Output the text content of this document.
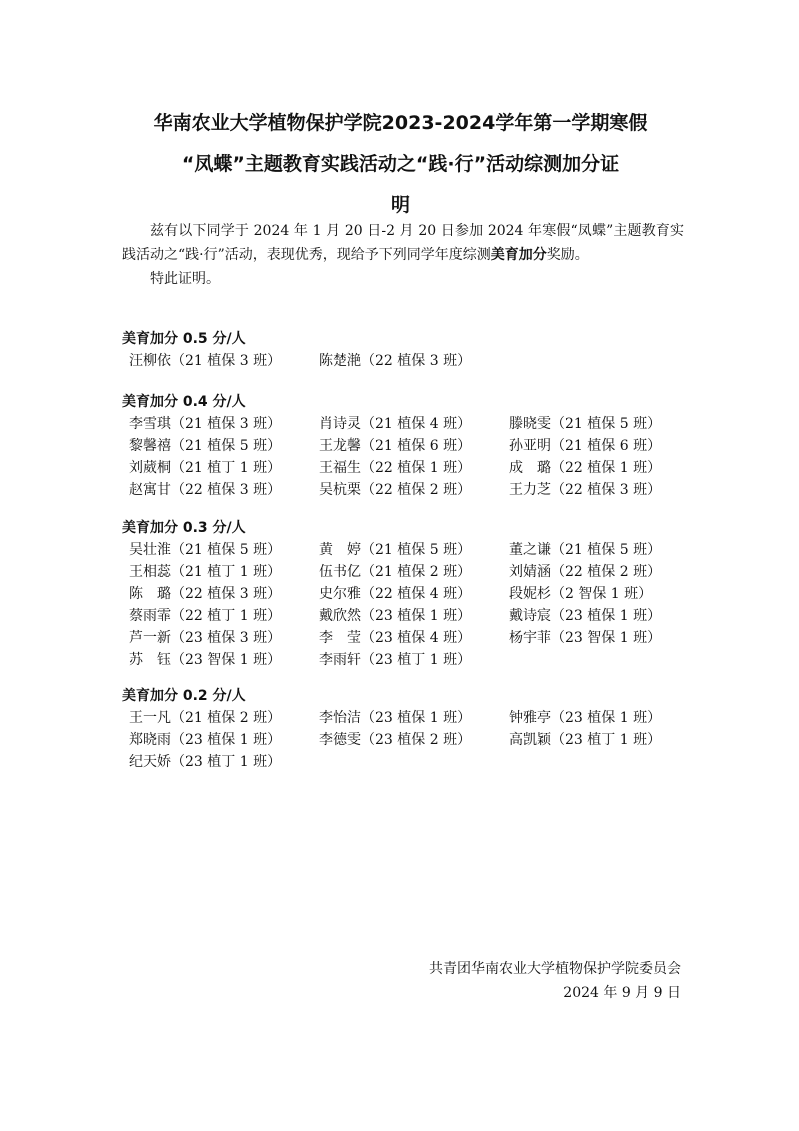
华南农业大学植物保护学院2023-2024学年第一学期寒假
“凤蝶”主题教育实践活动之“践·行”活动综测加分证
明

兹有以下同学于 2024 年 1 月 20 日-2 月 20 日参加 2024 年寒假“凤蝶”主题教育实践活动之“践·行”活动，表现优秀，现给予下列同学年度综测美育加分奖励。

特此证明。

美育加分 0.5 分/人
汪柳依（21 植保 3 班）	陈楚滟（22 植保 3 班）
美育加分 0.4 分/人
李雪琪（21 植保 3 班）	肖诗灵（21 植保 4 班）	滕晓雯（21 植保 5 班）
黎馨禧（21 植保 5 班）	王龙馨（21 植保 6 班）	孙亚明（21 植保 6 班）
刘葳桐（21 植丁 1 班）	王福生（22 植保 1 班）	成　璐（22 植保 1 班）
赵寓甘（22 植保 3 班）	吴杭栗（22 植保 2 班）	王力芝（22 植保 3 班）
美育加分 0.3 分/人
吴壮淮（21 植保 5 班）	黄　婷（21 植保 5 班）	董之谦（21 植保 5 班）
王相蕊（21 植丁 1 班）	伍书亿（21 植保 2 班）	刘婧涵（22 植保 2 班）
陈　璐（22 植保 3 班）	史尔雅（22 植保 4 班）	段妮杉（2 智保 1 班）
蔡雨霏（22 植丁 1 班）	戴欣然（23 植保 1 班）	戴诗宸（23 植保 1 班）
芦一新（23 植保 3 班）	李　莹（23 植保 4 班）	杨宇菲（23 智保 1 班）
苏　钰（23 智保 1 班）	李雨轩（23 植丁 1 班）
美育加分 0.2 分/人
王一凡（21 植保 2 班）	李怡洁（23 植保 1 班）	钟雅亭（23 植保 1 班）
郑晓雨（23 植保 1 班）	李德雯（23 植保 2 班）	高凯颖（23 植丁 1 班）
纪天娇（23 植丁 1 班）
共青团华南农业大学植物保护学院委员会
2024 年 9 月 9 日
